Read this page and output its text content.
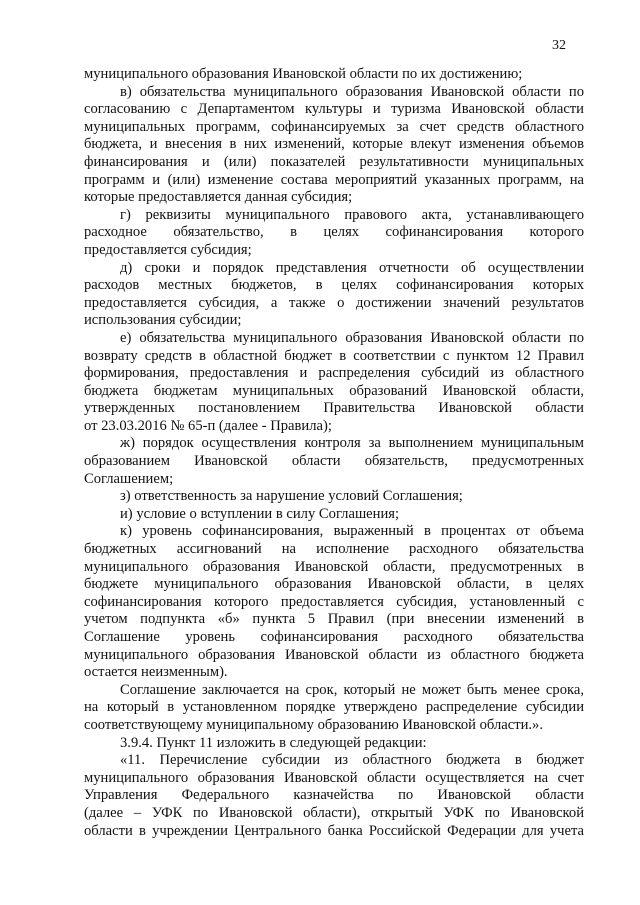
32
муниципального образования Ивановской области по их достижению;
в) обязательства муниципального образования Ивановской области по
согласованию с Департаментом культуры и туризма Ивановской области
муниципальных программ, софинансируемых за счет средств областного
бюджета, и внесения в них изменений, которые влекут изменения объемов
финансирования и (или) показателей результативности муниципальных
программ и (или) изменение состава мероприятий указанных программ, на
которые предоставляется данная субсидия;
г) реквизиты муниципального правового акта, устанавливающего
расходное обязательство, в целях софинансирования которого
предоставляется субсидия;
д) сроки и порядок представления отчетности об осуществлении
расходов местных бюджетов, в целях софинансирования которых
предоставляется субсидия, а также о достижении значений результатов
использования субсидии;
е) обязательства муниципального образования Ивановской области по
возврату средств в областной бюджет в соответствии с пунктом 12 Правил
формирования, предоставления и распределения субсидий из областного
бюджета бюджетам муниципальных образований Ивановской области,
утвержденных постановлением Правительства Ивановской области
от 23.03.2016 № 65-п (далее - Правила);
ж) порядок осуществления контроля за выполнением муниципальным
образованием Ивановской области обязательств, предусмотренных
Соглашением;
з) ответственность за нарушение условий Соглашения;
и) условие о вступлении в силу Соглашения;
к) уровень софинансирования, выраженный в процентах от объема
бюджетных ассигнований на исполнение расходного обязательства
муниципального образования Ивановской области, предусмотренных в
бюджете муниципального образования Ивановской области, в целях
софинансирования которого предоставляется субсидия, установленный с
учетом подпункта «б» пункта 5 Правил (при внесении изменений в
Соглашение уровень софинансирования расходного обязательства
муниципального образования Ивановской области из областного бюджета
остается неизменным).
Соглашение заключается на срок, который не может быть менее срока,
на который в установленном порядке утверждено распределение субсидии
соответствующему муниципальному образованию Ивановской области.».
3.9.4. Пункт 11 изложить в следующей редакции:
«11. Перечисление субсидии из областного бюджета в бюджет
муниципального образования Ивановской области осуществляется на счет
Управления Федерального казначейства по Ивановской области
(далее – УФК по Ивановской области), открытый УФК по Ивановской
области в учреждении Центрального банка Российской Федерации для учета
